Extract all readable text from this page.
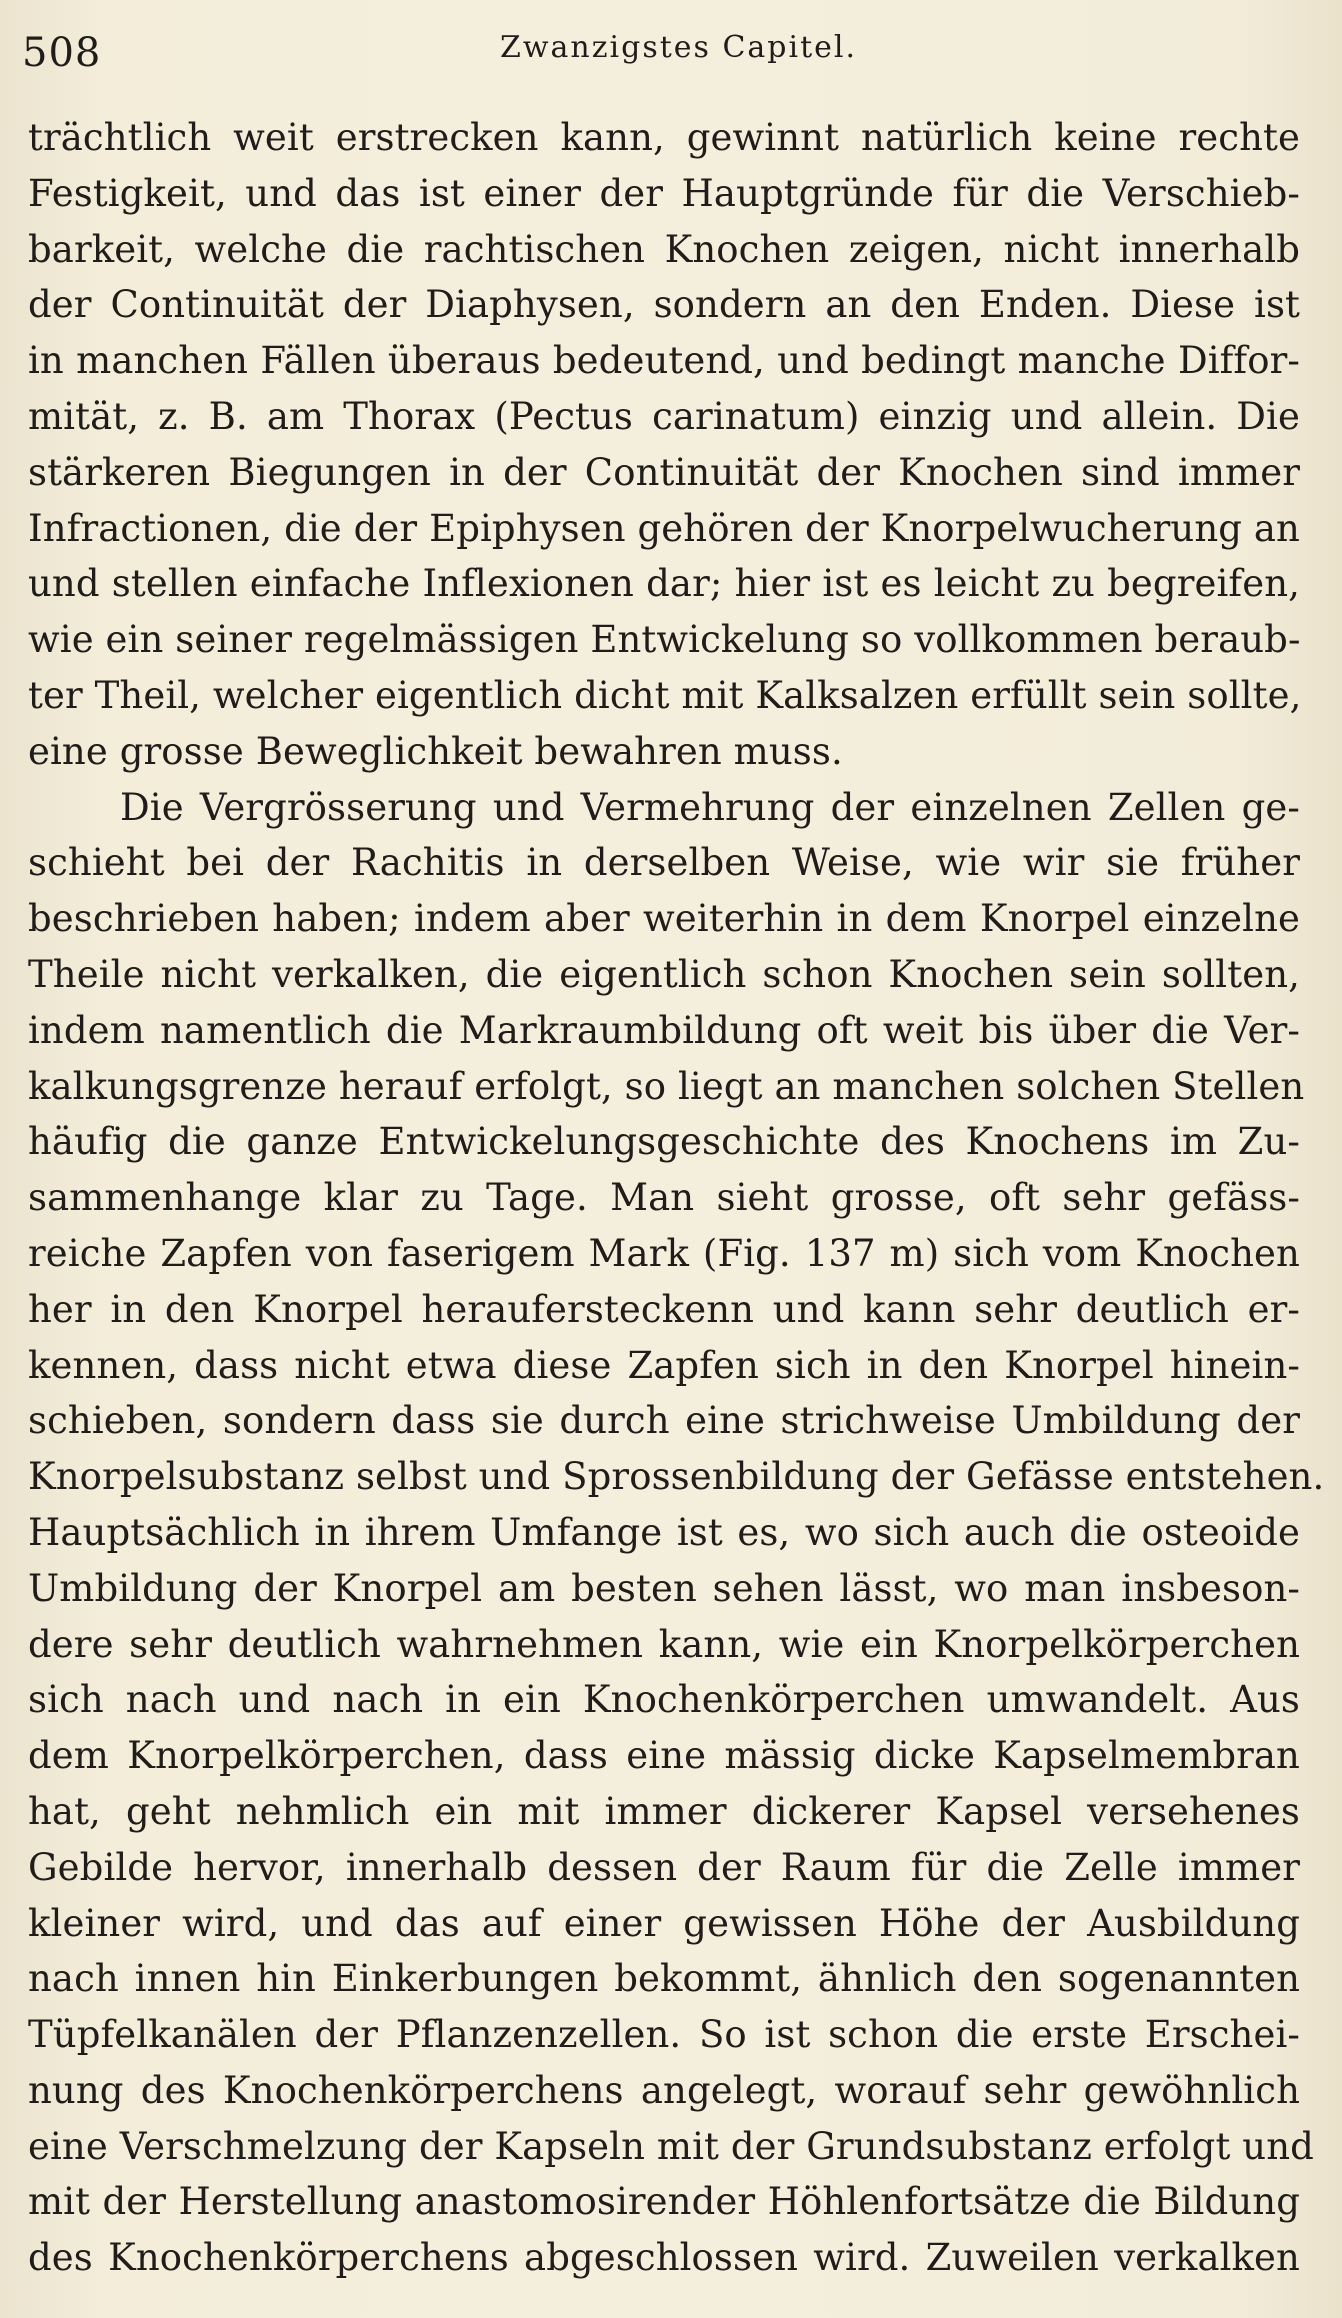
508	Zwanzigstes Capitel.
trächtlich weit erstrecken kann, gewinnt natürlich keine rechte
Festigkeit, und das ist einer der Hauptgründe für die Verschieb-
barkeit, welche die rachtischen Knochen zeigen, nicht innerhalb
der Continuität der Diaphysen, sondern an den Enden. Diese ist
in manchen Fällen überaus bedeutend, und bedingt manche Diffor-
mität, z. B. am Thorax (Pectus carinatum) einzig und allein. Die
stärkeren Biegungen in der Continuität der Knochen sind immer
Infractionen, die der Epiphysen gehören der Knorpelwucherung an
und stellen einfache Inflexionen dar; hier ist es leicht zu begreifen,
wie ein seiner regelmässigen Entwickelung so vollkommen beraub-
ter Theil, welcher eigentlich dicht mit Kalksalzen erfüllt sein sollte,
eine grosse Beweglichkeit bewahren muss.
Die Vergrösserung und Vermehrung der einzelnen Zellen ge-
schieht bei der Rachitis in derselben Weise, wie wir sie früher
beschrieben haben; indem aber weiterhin in dem Knorpel einzelne
Theile nicht verkalken, die eigentlich schon Knochen sein sollten,
indem namentlich die Markraumbildung oft weit bis über die Ver-
kalkungsgrenze herauf erfolgt, so liegt an manchen solchen Stellen
häufig die ganze Entwickelungsgeschichte des Knochens im Zu-
sammenhange klar zu Tage. Man sieht grosse, oft sehr gefäss-
reiche Zapfen von faserigem Mark (Fig. 137 m) sich vom Knochen
her in den Knorpel heraufersteckenn und kann sehr deutlich er-
kennen, dass nicht etwa diese Zapfen sich in den Knorpel hinein-
schieben, sondern dass sie durch eine strichweise Umbildung der
Knorpelsubstanz selbst und Sprossenbildung der Gefässe entstehen.
Hauptsächlich in ihrem Umfange ist es, wo sich auch die osteoide
Umbildung der Knorpel am besten sehen lässt, wo man insbeson-
dere sehr deutlich wahrnehmen kann, wie ein Knorpelkörperchen
sich nach und nach in ein Knochenkörperchen umwandelt. Aus
dem Knorpelkörperchen, dass eine mässig dicke Kapselmembran
hat, geht nehmlich ein mit immer dickerer Kapsel versehenes
Gebilde hervor, innerhalb dessen der Raum für die Zelle immer
kleiner wird, und das auf einer gewissen Höhe der Ausbildung
nach innen hin Einkerbungen bekommt, ähnlich den sogenannten
Tüpfelkanälen der Pflanzenzellen. So ist schon die erste Erschei-
nung des Knochenkörperchens angelegt, worauf sehr gewöhnlich
eine Verschmelzung der Kapseln mit der Grundsubstanz erfolgt und
mit der Herstellung anastomosirender Höhlenfortsätze die Bildung
des Knochenkörperchens abgeschlossen wird. Zuweilen verkalken
